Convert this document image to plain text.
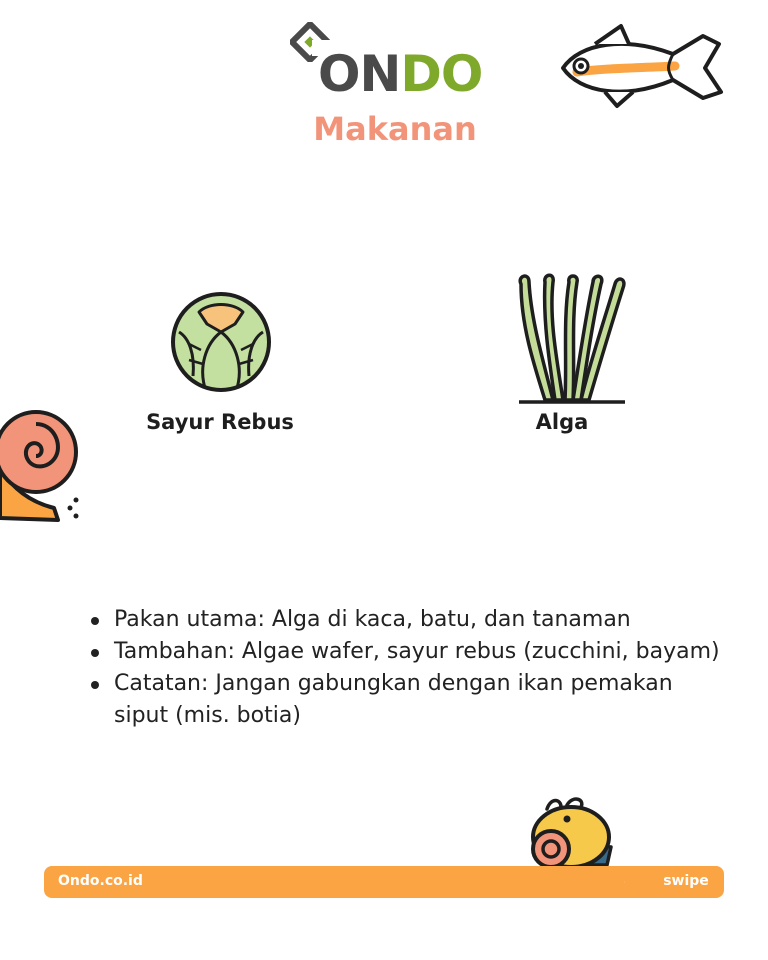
ONDO
Makanan
Sayur Rebus	Alga
Pakan utama: Alga di kaca, batu, dan tanaman
Tambahan: Algae wafer, sayur rebus (zucchini, bayam)
Catatan: Jangan gabungkan dengan ikan pemakan siput (mis. botia)
Ondo.co.id	swipe
